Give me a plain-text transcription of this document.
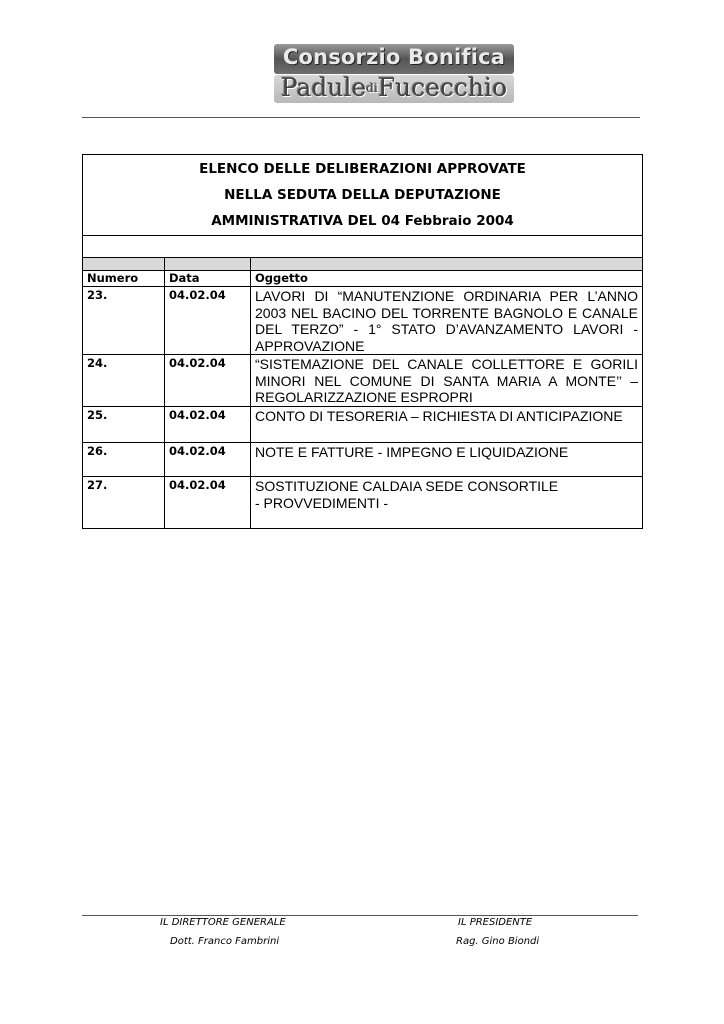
Consorzio Bonifica
PadulediFucecchio
ELENCO DELLE DELIBERAZIONI APPROVATE
NELLA SEDUTA DELLA DEPUTAZIONE
AMMINISTRATIVA DEL 04 Febbraio 2004		

Numero	Data	Oggetto
23.	04.02.04	LAVORI DI “MANUTENZIONE ORDINARIA PER L’ANNO 2003 NEL BACINO DEL TORRENTE BAGNOLO E CANALE DEL TERZO” - 1° STATO D’AVANZAMENTO LAVORI - APPROVAZIONE
24.	04.02.04	“SISTEMAZIONE DEL CANALE COLLETTORE E GORILI MINORI NEL COMUNE DI SANTA MARIA A MONTE’’ – REGOLARIZZAZIONE ESPROPRI
25.	04.02.04	CONTO DI TESORERIA – RICHIESTA DI ANTICIPAZIONE
26.	04.02.04	NOTE E FATTURE - IMPEGNO E LIQUIDAZIONE
27.	04.02.04	SOSTITUZIONE CALDAIA SEDE CONSORTILE
- PROVVEDIMENTI -
IL DIRETTORE GENERALE
Dott. Franco Fambrini
IL PRESIDENTE
Rag. Gino Biondi
